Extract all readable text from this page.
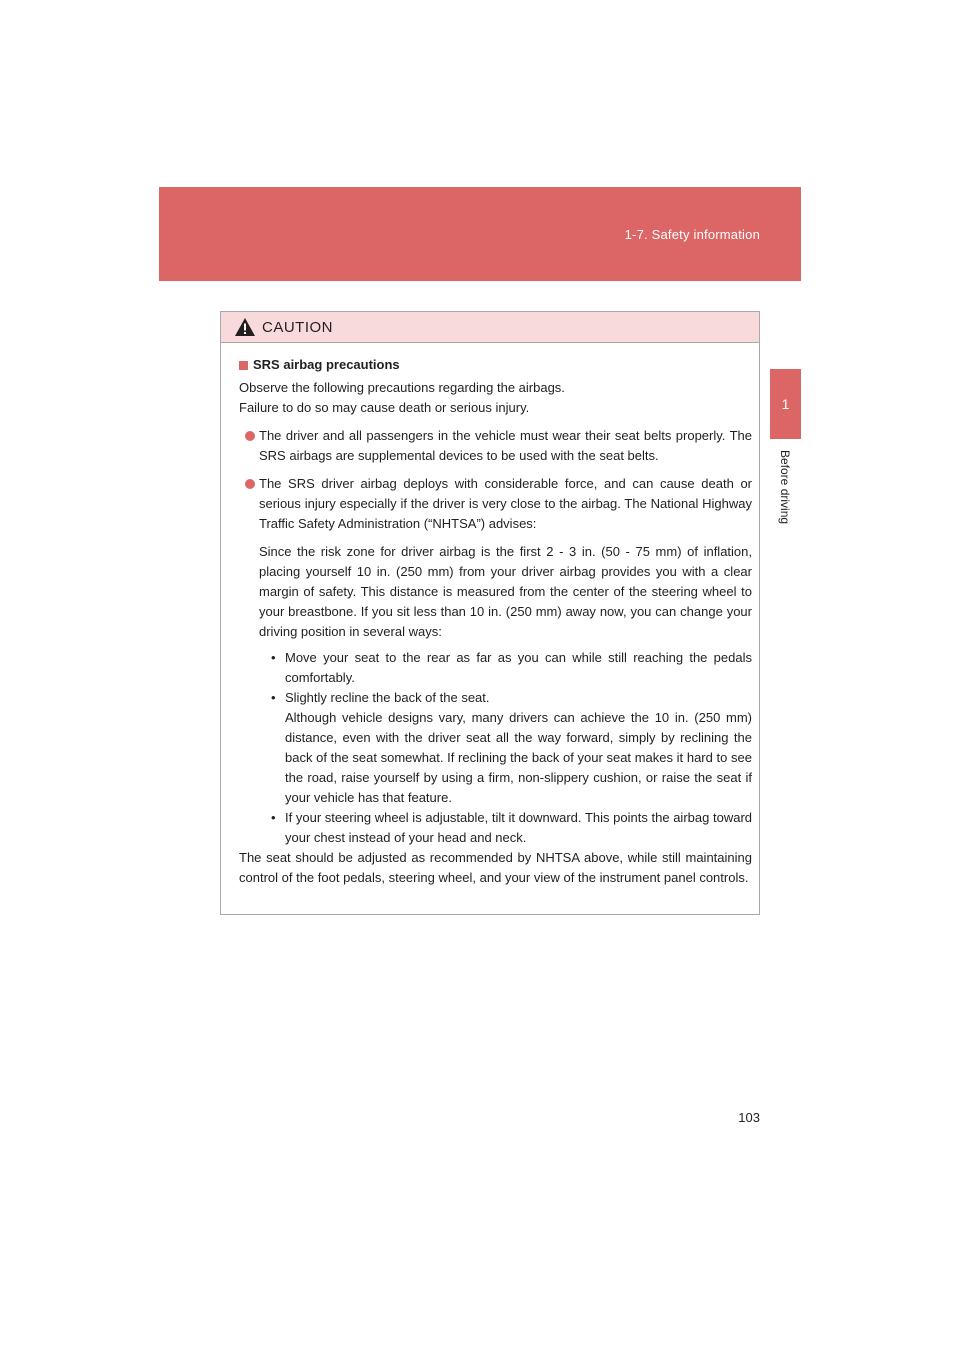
1-7. Safety information
1
Before driving
CAUTION
SRS airbag precautions

Observe the following precautions regarding the airbags.

Failure to do so may cause death or serious injury.

The driver and all passengers in the vehicle must wear their seat belts properly. The SRS airbags are supplemental devices to be used with the seat belts.
The SRS driver airbag deploys with considerable force, and can cause death or serious injury especially if the driver is very close to the airbag. The National Highway Traffic Safety Administration (“NHTSA”) advises:
Since the risk zone for driver airbag is the first 2 - 3 in. (50 - 75 mm) of inflation, placing yourself 10 in. (250 mm) from your driver airbag provides you with a clear margin of safety. This distance is measured from the center of the steering wheel to your breastbone. If you sit less than 10 in. (250 mm) away now, you can change your driving position in several ways:
• Move your seat to the rear as far as you can while still reaching the pedals comfortably.
• Slightly recline the back of the seat.
Although vehicle designs vary, many drivers can achieve the 10 in. (250 mm) distance, even with the driver seat all the way forward, simply by reclining the back of the seat somewhat. If reclining the back of your seat makes it hard to see the road, raise yourself by using a firm, non-slippery cushion, or raise the seat if your vehicle has that feature.
• If your steering wheel is adjustable, tilt it downward. This points the airbag toward your chest instead of your head and neck.
The seat should be adjusted as recommended by NHTSA above, while still maintaining control of the foot pedals, steering wheel, and your view of the instrument panel controls.
103
